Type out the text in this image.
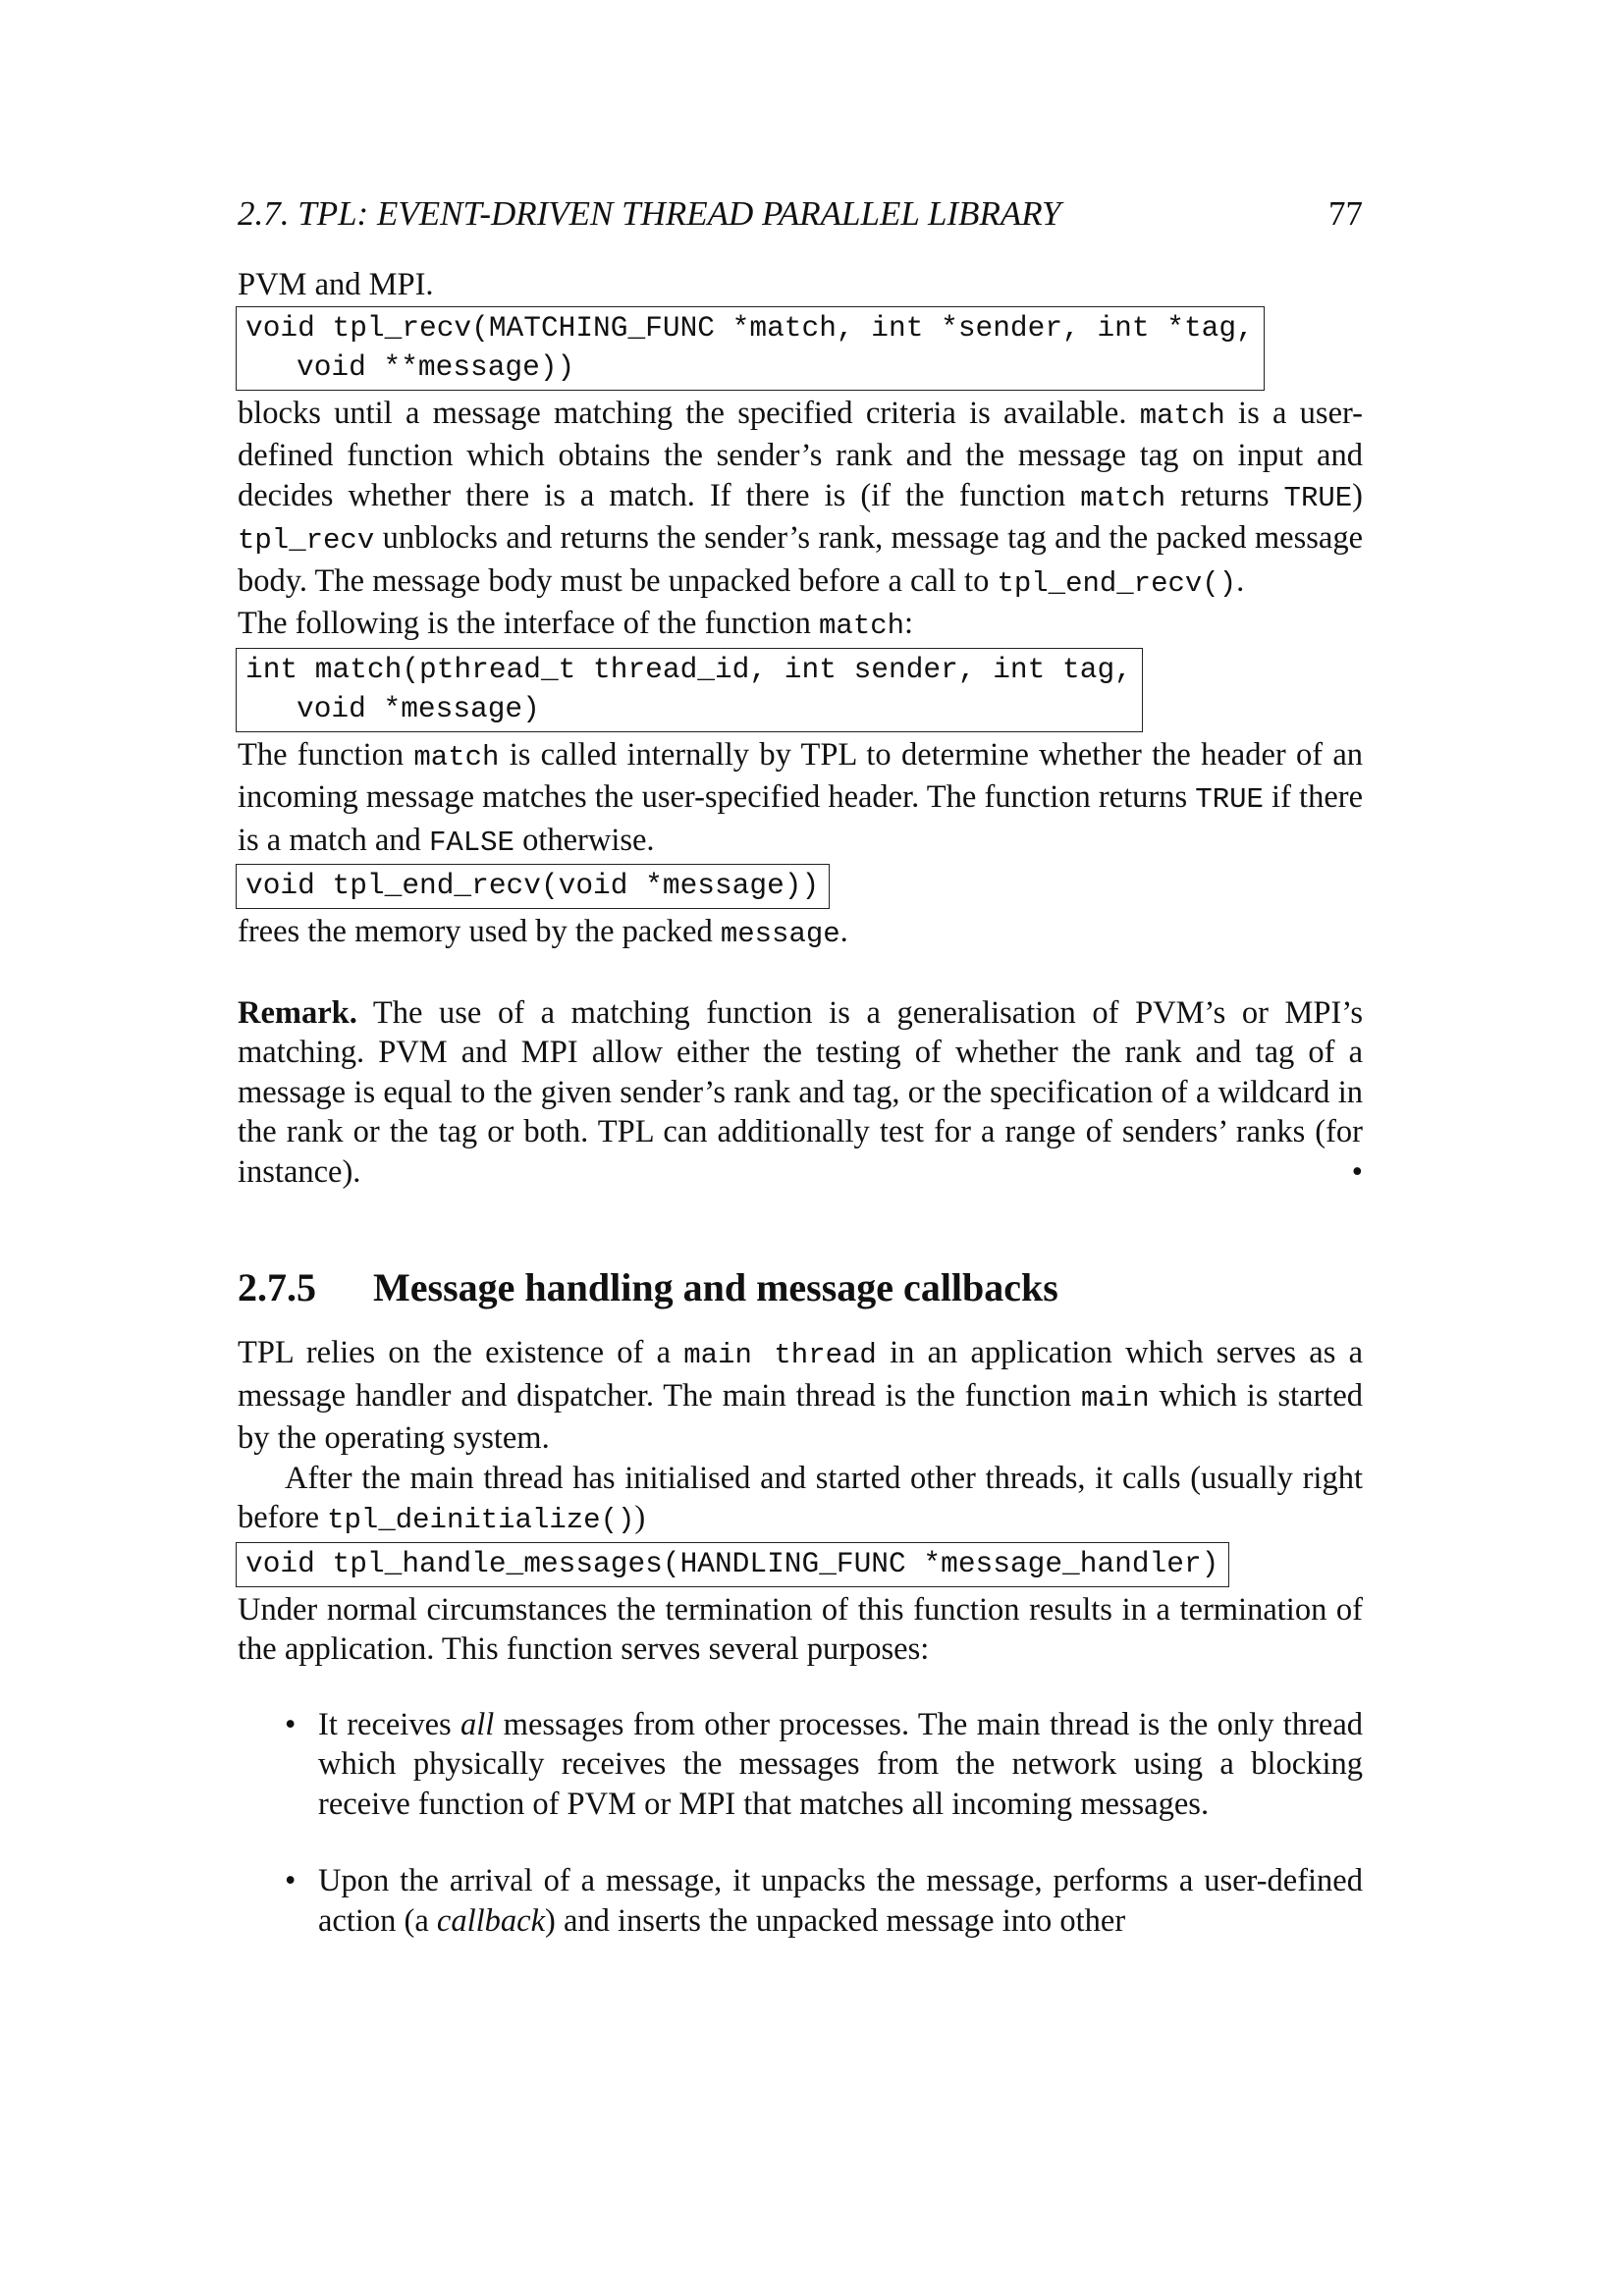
2.7. TPL: EVENT-DRIVEN THREAD PARALLEL LIBRARY	77

PVM and MPI.

void tpl_recv(MATCHING_FUNC *match, int *sender, int *tag,
void **message))

blocks until a message matching the specified criteria is available. match is a user-defined function which obtains the sender’s rank and the message tag on input and decides whether there is a match. If there is (if the function match returns TRUE) tpl_recv unblocks and returns the sender’s rank, message tag and the packed message body. The message body must be unpacked before a call to tpl_end_recv().

The following is the interface of the function match:

int match(pthread_t thread_id, int sender, int tag,
void *message)

The function match is called internally by TPL to determine whether the header of an incoming message matches the user-specified header. The function returns TRUE if there is a match and FALSE otherwise.

void tpl_end_recv(void *message))

frees the memory used by the packed message.

Remark. The use of a matching function is a generalisation of PVM’s or MPI’s matching. PVM and MPI allow either the testing of whether the rank and tag of a message is equal to the given sender’s rank and tag, or the specification of a wildcard in the rank or the tag or both. TPL can additionally test for a range of senders’ ranks (for instance).	•

2.7.5	Message handling and message callbacks

TPL relies on the existence of a main thread in an application which serves as a message handler and dispatcher. The main thread is the function main which is started by the operating system.

After the main thread has initialised and started other threads, it calls (usually right before tpl_deinitialize())

void tpl_handle_messages(HANDLING_FUNC *message_handler)

Under normal circumstances the termination of this function results in a termination of the application. This function serves several purposes:

• It receives all messages from other processes. The main thread is the only thread which physically receives the messages from the network using a blocking receive function of PVM or MPI that matches all incoming messages.

• Upon the arrival of a message, it unpacks the message, performs a user-defined action (a callback) and inserts the unpacked message into other
